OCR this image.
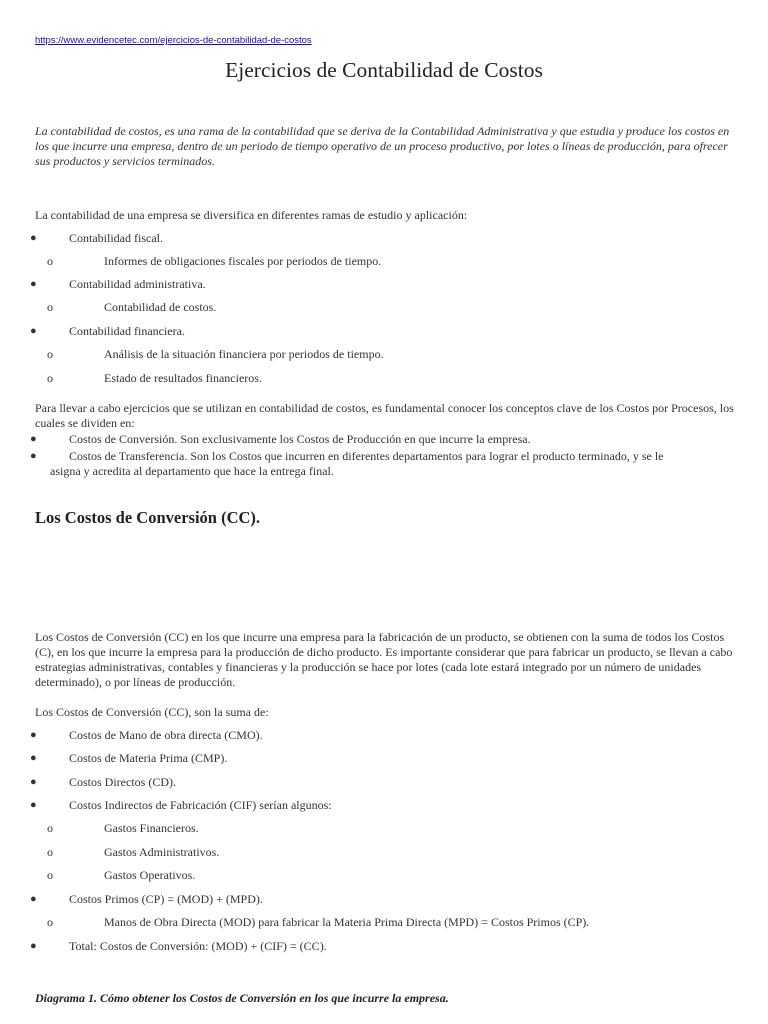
https://www.evidencetec.com/ejercicios-de-contabilidad-de-costos
Ejercicios de Contabilidad de Costos

La contabilidad de costos, es una rama de la contabilidad que se deriva de la Contabilidad Administrativa y que estudia y produce los costos en los que incurre una empresa, dentro de un periodo de tiempo operativo de un proceso productivo, por lotes o líneas de producción, para ofrecer sus productos y servicios terminados.

La contabilidad de una empresa se diversifica en diferentes ramas de estudio y aplicación:

●	Contabilidad fiscal.
o	Informes de obligaciones fiscales por periodos de tiempo.
●	Contabilidad administrativa.
o	Contabilidad de costos.
●	Contabilidad financiera.
o	Análisis de la situación financiera por periodos de tiempo.
o	Estado de resultados financieros.

Para llevar a cabo ejercicios que se utilizan en contabilidad de costos, es fundamental conocer los conceptos clave de los Costos por Procesos, los cuales se dividen en:

●	Costos de Conversión. Son exclusivamente los Costos de Producción en que incurre la empresa.
●	Costos de Transferencia. Son los Costos que incurren en diferentes departamentos para lograr el producto terminado, y se le
asigna y acredita al departamento que hace la entrega final.
Los Costos de Conversión (CC).

Los Costos de Conversión (CC) en los que incurre una empresa para la fabricación de un producto, se obtienen con la suma de todos los Costos (C), en los que incurre la empresa para la producción de dicho producto. Es importante considerar que para fabricar un producto, se llevan a cabo estrategias administrativas, contables y financieras y la producción se hace por lotes (cada lote estará integrado por un número de unidades determinado), o por líneas de producción.

Los Costos de Conversión (CC), son la suma de:

●	Costos de Mano de obra directa (CMO).
●	Costos de Materia Prima (CMP).
●	Costos Directos (CD).
●	Costos Indirectos de Fabricación (CIF) serían algunos:
o	Gastos Financieros.
o	Gastos Administrativos.
o	Gastos Operativos.
●	Costos Primos (CP) = (MOD) + (MPD).
o	Manos de Obra Directa (MOD) para fabricar la Materia Prima Directa (MPD) = Costos Primos (CP).
●	Total: Costos de Conversión: (MOD) + (CIF) = (CC).

Diagrama 1. Cómo obtener los Costos de Conversión en los que incurre la empresa.
